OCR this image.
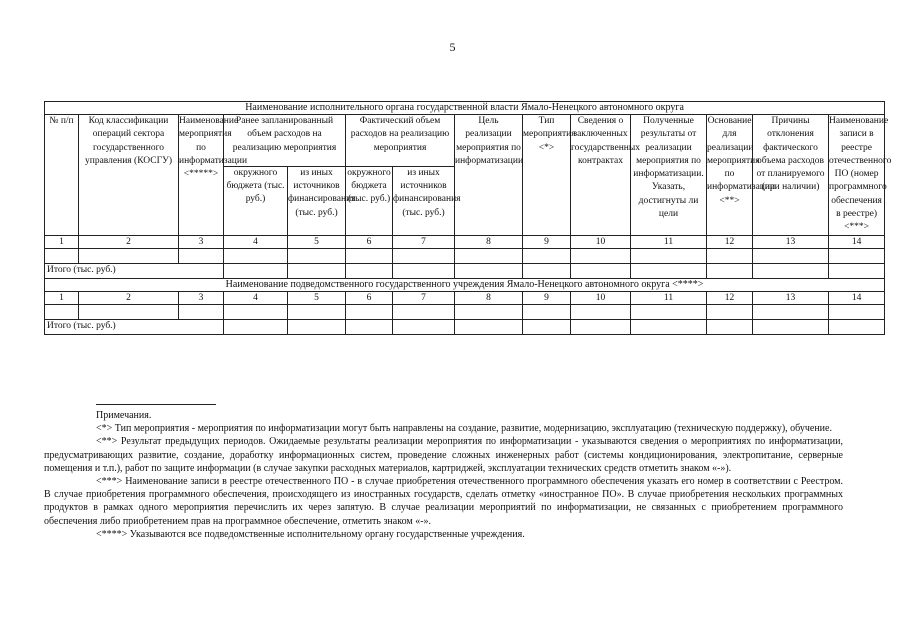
5
Наименование исполнительного органа государственной власти Ямало-Ненецкого автономного округа													
№ п/п	Код классификации операций сектора государственного управления (КОСГУ)	Наименование мероприятия по информатизации <*****>	Ранее запланированный объем расходов на реализацию мероприятия		Фактический объем расходов на реализацию мероприятия		Цель реализации мероприятия по информатизации	Тип мероприятия <*>	Сведения о заключенных государственных контрактах	Полученные результаты от реализации мероприятия по информатизации. Указать, достигнуты ли цели	Основание для реализации мероприятия по информатизации <**>	Причины отклонения фактического объема расходов от планируемого (при наличии)	Наименование записи в реестре отечественного ПО (номер программного обеспечения в реестре) <***>
			окружного бюджета (тыс. руб.)	из иных источников финансирования (тыс. руб.)	окружного бюджета (тыс. руб.)	из иных источников финансирования (тыс. руб.)							
1	2	3	4	5	6	7	8	9	10	11	12	13	14

Итого (тыс. руб.)													
Наименование подведомственного государственного учреждения Ямало-Ненецкого автономного округа <****>													
1	2	3	4	5	6	7	8	9	10	11	12	13	14

Итого (тыс. руб.)													
Примечания.

<*> Тип мероприятия - мероприятия по информатизации могут быть направлены на создание, развитие, модернизацию, эксплуатацию (техническую поддержку), обучение.

<**> Результат предыдущих периодов. Ожидаемые результаты реализации мероприятия по информатизации - указываются сведения о мероприятиях по информатизации, предусматривающих развитие, создание, доработку информационных систем, проведение сложных инженерных работ (системы кондиционирования, электропитание, серверные помещения и т.п.), работ по защите информации (в случае закупки расходных материалов, картриджей, эксплуатации технических средств отметить знаком «-»).

<***> Наименование записи в реестре отечественного ПО - в случае приобретения отечественного программного обеспечения указать его номер в соответствии с Реестром. В случае приобретения программного обеспечения, происходящего из иностранных государств, сделать отметку «иностранное ПО». В случае приобретения нескольких программных продуктов в рамках одного мероприятия перечислить их через запятую. В случае реализации мероприятий по информатизации, не связанных с приобретением программного обеспечения либо приобретением прав на программное обеспечение, отметить знаком «-».

<****> Указываются все подведомственные исполнительному органу государственные учреждения.
